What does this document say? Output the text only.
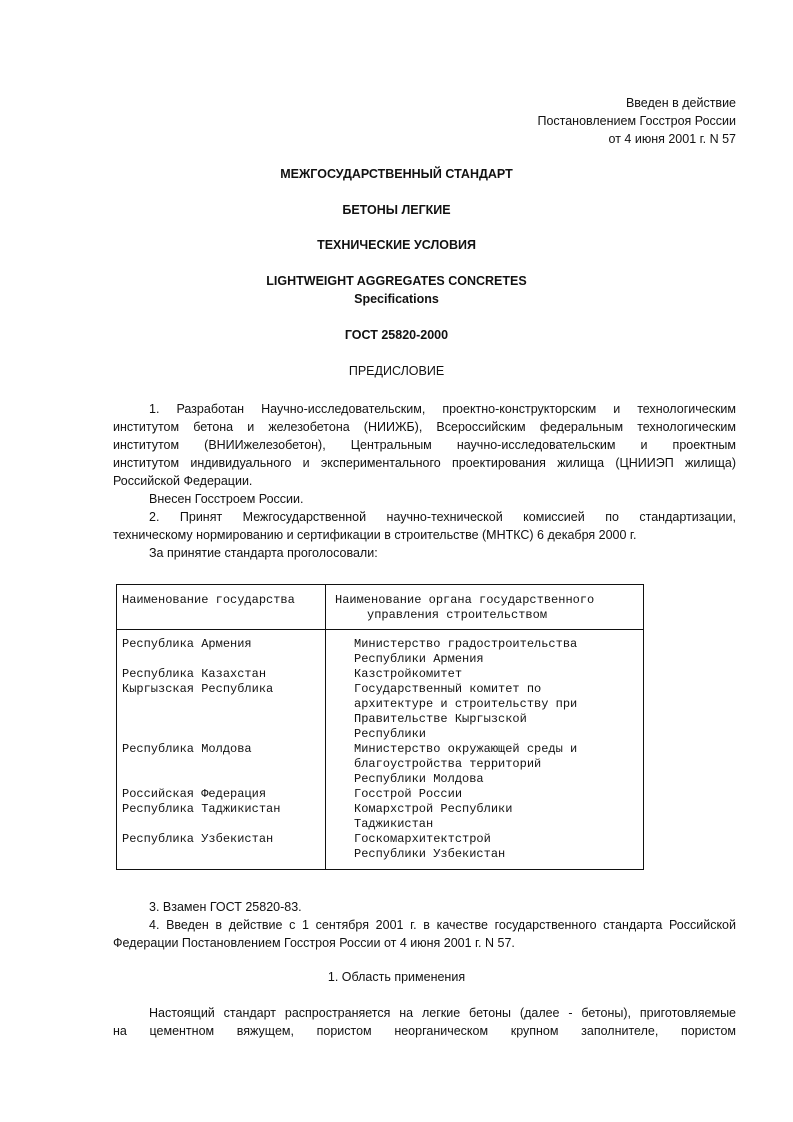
Введен в действие
Постановлением Госстроя России
от 4 июня 2001 г. N 57
МЕЖГОСУДАРСТВЕННЫЙ СТАНДАРТ
БЕТОНЫ ЛЕГКИЕ
ТЕХНИЧЕСКИЕ УСЛОВИЯ
LIGHTWEIGHT AGGREGATES CONCRETES
Specifications
ГОСТ 25820-2000
ПРЕДИСЛОВИЕ
1. Разработан Научно-исследовательским, проектно-конструкторским и технологическим
институтом бетона и железобетона (НИИЖБ), Всероссийским федеральным технологическим
институтом (ВНИИжелезобетон), Центральным научно-исследовательским и проектным
институтом индивидуального и экспериментального проектирования жилища (ЦНИИЭП жилища)
Российской Федерации.
Внесен Госстроем России.
2. Принят Межгосударственной научно-технической комиссией по стандартизации,
техническому нормированию и сертификации в строительстве (МНТКС) 6 декабря 2000 г.
За принятие стандарта проголосовали:
Наименование государства	Наименование органа государственного
управления строительством
Республика Армения	Министерство градостроительства
Республики Армения
Республика Казахстан	Казстройкомитет
Кыргызская Республика	Государственный комитет по
архитектуре и строительству при
Правительстве Кыргызской
Республики
Республика Молдова	Министерство окружающей среды и
благоустройства территорий
Республики Молдова
Российская Федерация	Госстрой России
Республика Таджикистан	Комархстрой Республики
Таджикистан
Республика Узбекистан	Госкомархитектстрой
Республики Узбекистан
3. Взамен ГОСТ 25820-83.
4. Введен в действие с 1 сентября 2001 г. в качестве государственного стандарта Российской
Федерации Постановлением Госстроя России от 4 июня 2001 г. N 57.
1. Область применения
Настоящий стандарт распространяется на легкие бетоны (далее - бетоны), приготовляемые
на цементном вяжущем, пористом неорганическом крупном заполнителе, пористом
